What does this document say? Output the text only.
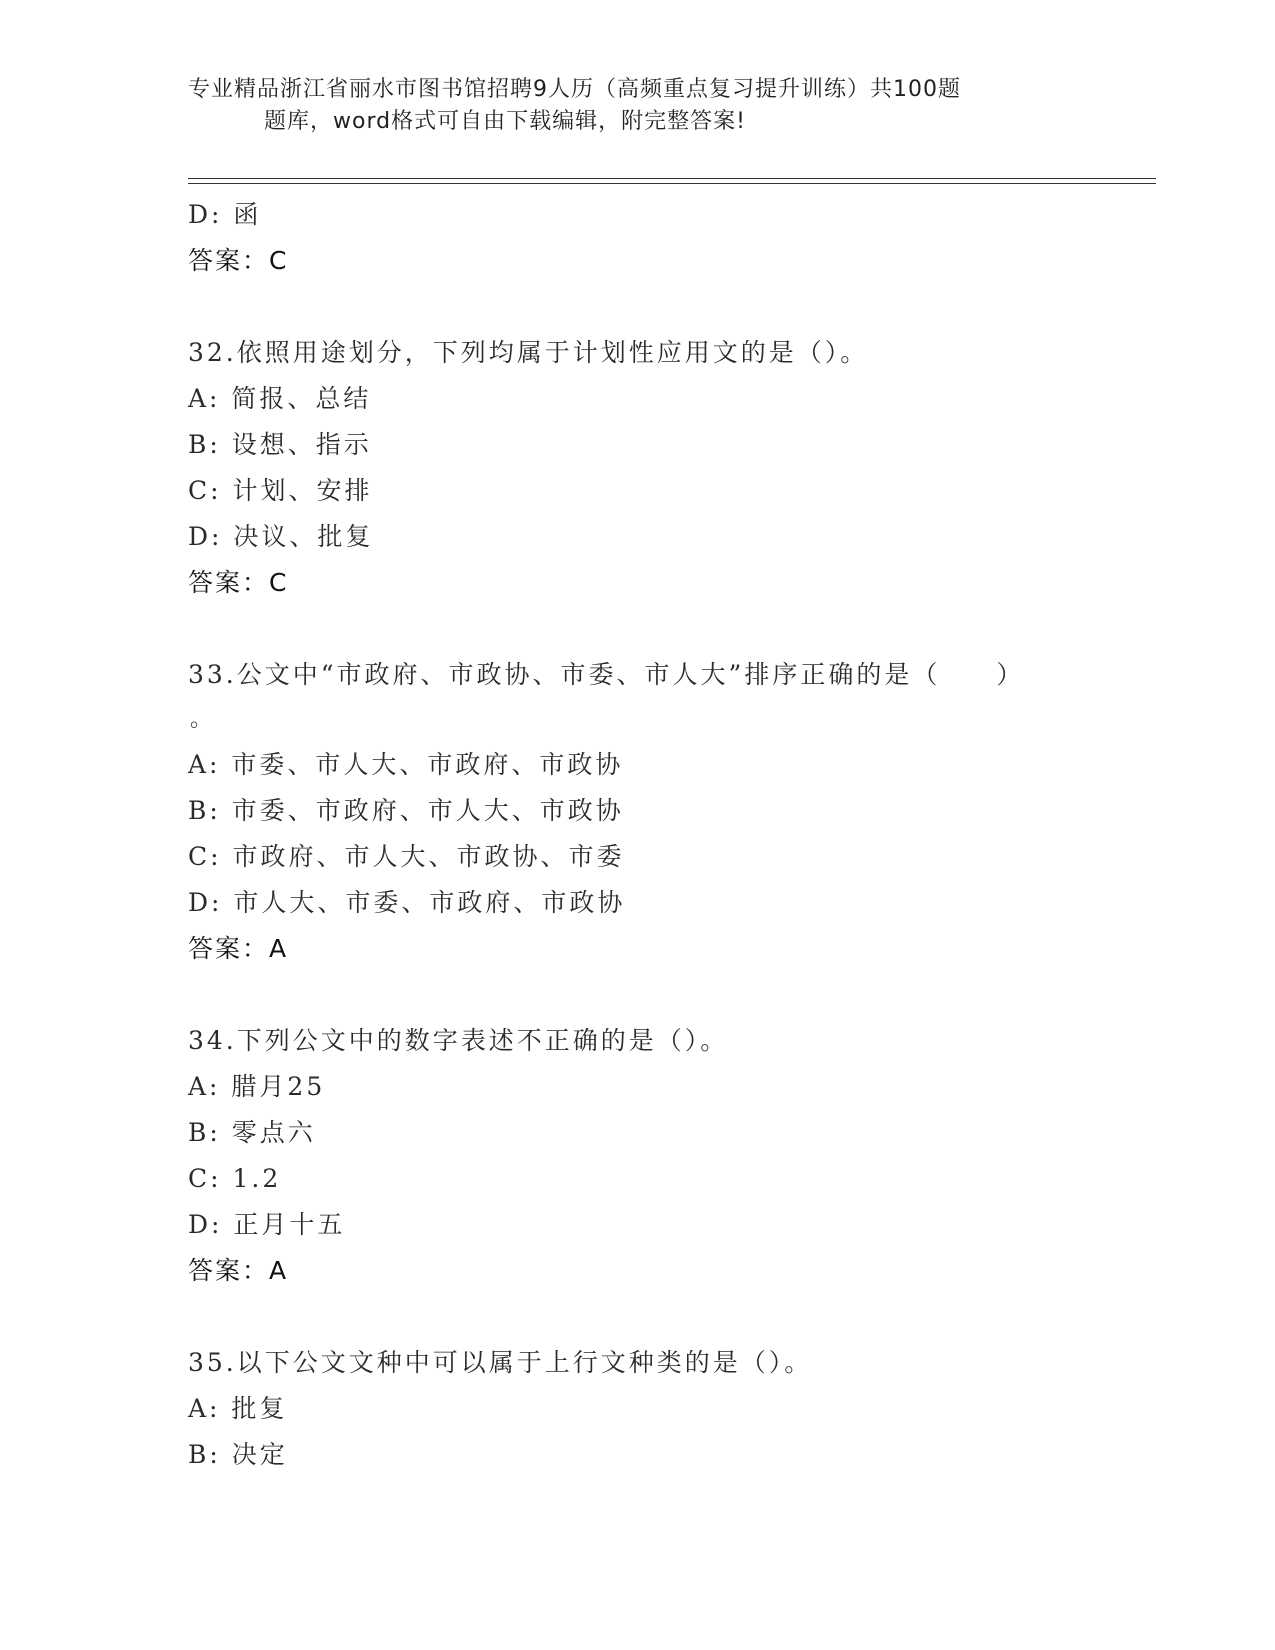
专业精品浙江省丽水市图书馆招聘9人历（高频重点复习提升训练）共100题
题库，word格式可自由下载编辑，附完整答案!
D: 函
答案：C
32.依照用途划分，下列均属于计划性应用文的是（）。
A: 简报、总结
B: 设想、指示
C: 计划、安排
D: 决议、批复
答案：C
33.公文中“市政府、市政协、市委、市人大”排序正确的是（　　）
。
A: 市委、市人大、市政府、市政协
B: 市委、市政府、市人大、市政协
C: 市政府、市人大、市政协、市委
D: 市人大、市委、市政府、市政协
答案：A
34.下列公文中的数字表述不正确的是（）。
A: 腊月25
B: 零点六
C: 1.2
D: 正月十五
答案：A
35.以下公文文种中可以属于上行文种类的是（）。
A: 批复
B: 决定
